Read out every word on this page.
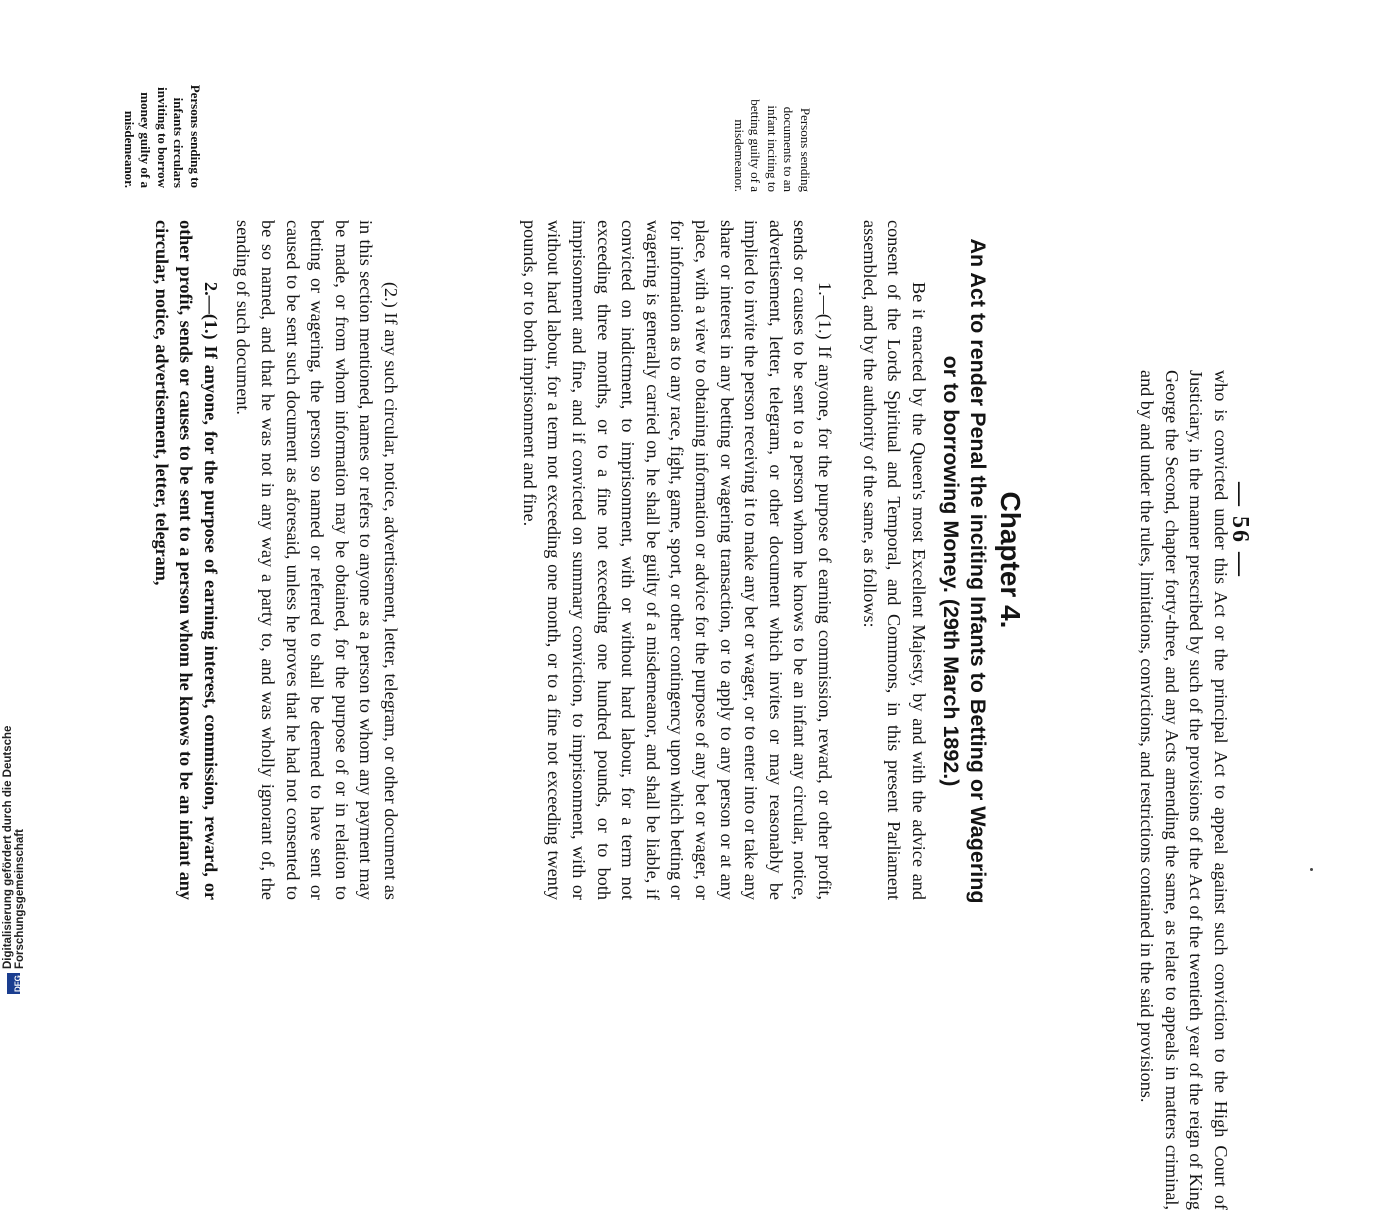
— 56 —

who is convicted under this Act or the principal Act to appeal against such conviction to the High Court of Justiciary, in the manner prescribed by such of the provisions of the Act of the twentieth year of the reign of King George the Second, chapter forty-three, and any Acts amending the same, as relate to appeals in matters criminal, and by and under the rules, limitations, convictions, and restrictions contained in the said provisions.

Chapter 4.
An Act to render Penal the inciting Infants to Betting or Wagering or to borrowing Money. (29th March 1892.)

Be it enacted by the Queen's most Excellent Majesty, by and with the advice and consent of the Lords Spiritual and Temporal, and Commons, in this present Parliament assembled, and by the authority of the same, as follows:

1.—(1.) If anyone, for the purpose of earning commission, reward, or other profit, sends or causes to be sent to a person whom he knows to be an infant any circular, notice, advertisement, letter, telegram, or other document which invites or may reasonably be implied to invite the person receiving it to make any bet or wager, or to enter into or take any share or interest in any betting or wagering transaction, or to apply to any person or at any place, with a view to obtaining information or advice for the purpose of any bet or wager, or for information as to any race, fight, game, sport, or other contingency upon which betting or wagering is generally carried on, he shall be guilty of a misdemeanor, and shall be liable, if convicted on indictment, to imprisonment, with or without hard labour, for a term not exceeding three months, or to a fine not exceeding one hundred pounds, or to both imprisonment and fine, and if convicted on summary conviction, to imprisonment, with or without hard labour, for a term not exceeding one month, or to a fine not exceeding twenty pounds, or to both imprisonment and fine.

Persons sending documents to an infant inciting to betting guilty of a misdemeanor.

(2.) If any such circular, notice, advertisement, letter, telegram, or other document as in this section mentioned, names or refers to anyone as a person to whom any payment may be made, or from whom information may be obtained, for the purpose of or in relation to betting or wagering, the person so named or referred to shall be deemed to have sent or caused to be sent such document as aforesaid, unless he proves that he had not consented to be so named, and that he was not in any way a party to, and was wholly ignorant of, the sending of such document.

2.—(1.) If anyone, for the purpose of earning interest, commission, reward, or other profit, sends or causes to be sent to a person whom he knows to be an infant any circular, notice, advertisement, letter, telegram,

Persons sending to infants circulars inviting to borrow money guilty of a misdemeanor.
DFG
Digitalisierung gefördert durch die Deutsche Forschungsgemeinschaft
